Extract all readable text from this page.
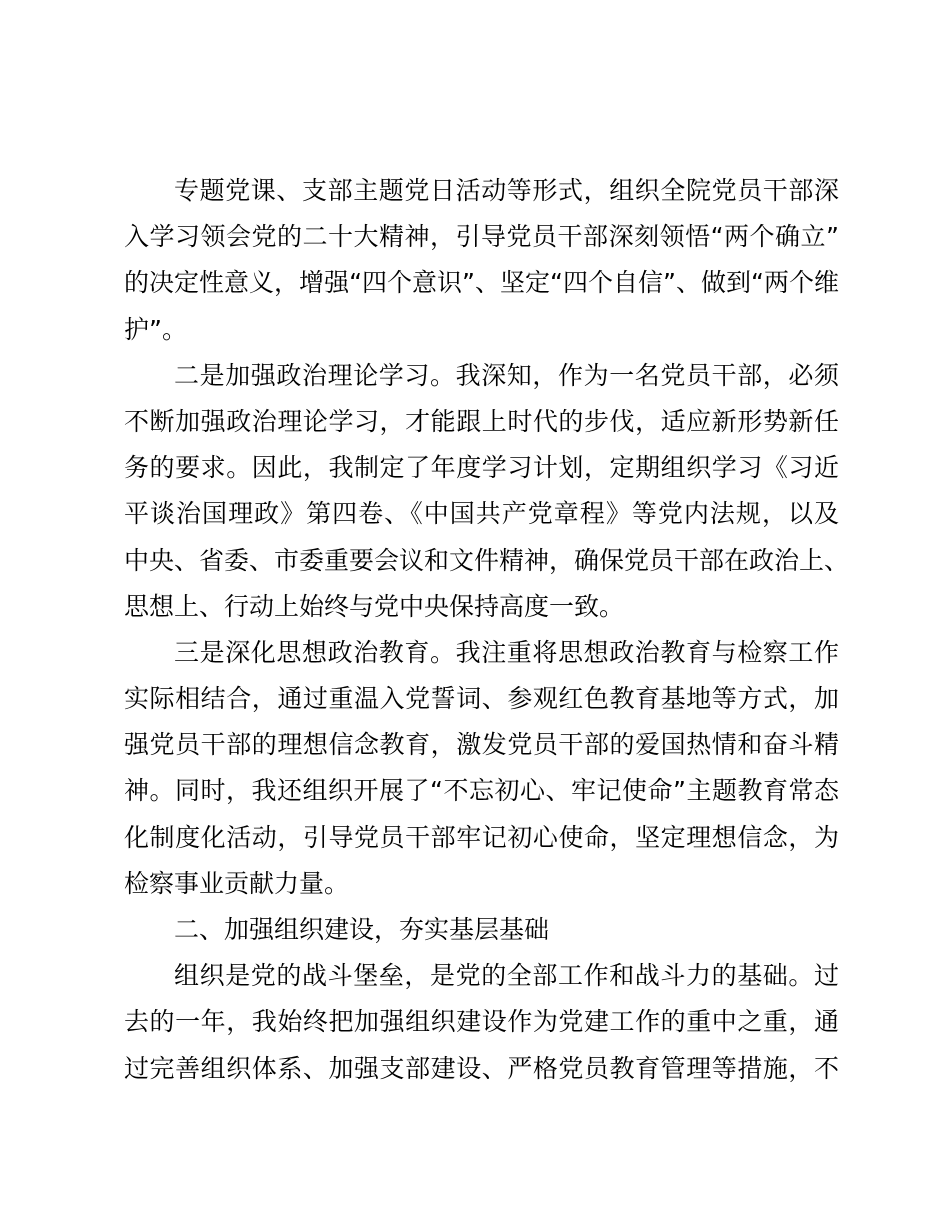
专题党课、支部主题党日活动等形式，组织全院党员干部深
入学习领会党的二十大精神，引导党员干部深刻领悟“两个确立”
的决定性意义，增强“四个意识”、坚定“四个自信”、做到“两个维
护”。
二是加强政治理论学习。我深知，作为一名党员干部，必须
不断加强政治理论学习，才能跟上时代的步伐，适应新形势新任
务的要求。因此，我制定了年度学习计划，定期组织学习《习近
平谈治国理政》第四卷、《中国共产党章程》等党内法规，以及
中央、省委、市委重要会议和文件精神，确保党员干部在政治上、
思想上、行动上始终与党中央保持高度一致。
三是深化思想政治教育。我注重将思想政治教育与检察工作
实际相结合，通过重温入党誓词、参观红色教育基地等方式，加
强党员干部的理想信念教育，激发党员干部的爱国热情和奋斗精
神。同时，我还组织开展了“不忘初心、牢记使命”主题教育常态
化制度化活动，引导党员干部牢记初心使命，坚定理想信念，为
检察事业贡献力量。
二、加强组织建设，夯实基层基础
组织是党的战斗堡垒，是党的全部工作和战斗力的基础。过
去的一年，我始终把加强组织建设作为党建工作的重中之重，通
过完善组织体系、加强支部建设、严格党员教育管理等措施，不
